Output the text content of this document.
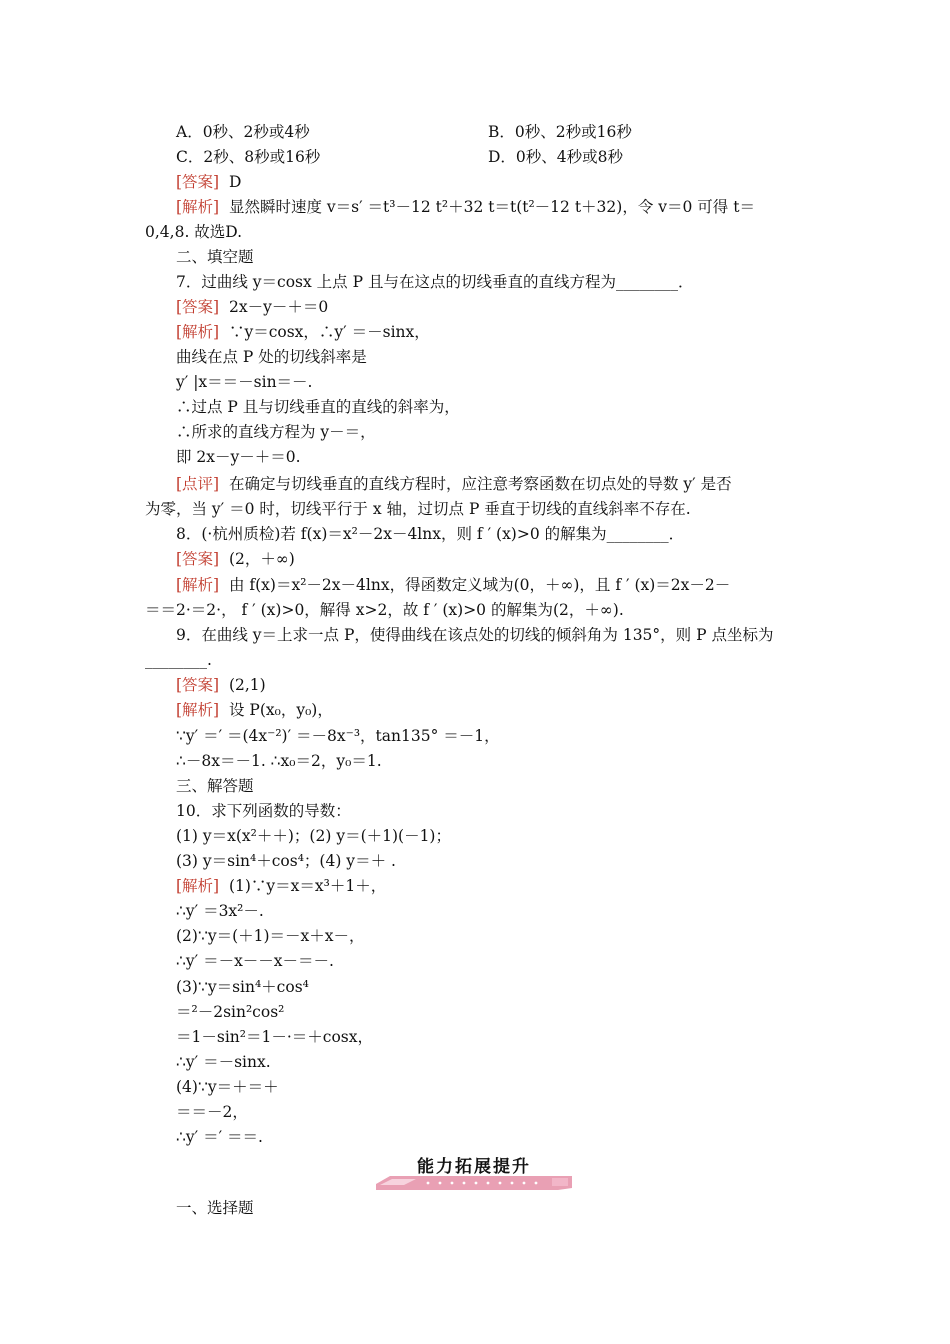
A．0秒、2秒或4秒	B．0秒、2秒或16秒
C．2秒、8秒或16秒	D．0秒、4秒或8秒
[答案]  D
[解析]  显然瞬时速度 v＝s′ ＝t³－12 t²＋32 t＝t(t²－12 t＋32)，令 v＝0 可得 t＝
0,4,8. 故选D.
二、填空题
7．过曲线 y＝cosx 上点 P 且与在这点的切线垂直的直线方程为________．
[答案]  2x－y－＋＝0
[解析]  ∵y＝cosx，∴y′ ＝－sinx，
曲线在点 P 处的切线斜率是
y′ |x＝＝－sin＝－.
∴过点 P 且与切线垂直的直线的斜率为，
∴所求的直线方程为 y－＝，
即 2x－y－＋＝0.
[点评]  在确定与切线垂直的直线方程时，应注意考察函数在切点处的导数 y′ 是否
为零，当 y′ ＝0 时，切线平行于 x 轴，过切点 P 垂直于切线的直线斜率不存在.
8．(·杭州质检)若 f(x)＝x²－2x－4lnx，则 f ′ (x)>0 的解集为________．
[答案]  (2，＋∞)
[解析]  由 f(x)＝x²－2x－4lnx，得函数定义域为(0，＋∞)，且 f ′ (x)＝2x－2－
＝＝2·＝2·， f ′ (x)>0，解得 x>2，故 f ′ (x)>0 的解集为(2，＋∞).
9．在曲线 y＝上求一点 P，使得曲线在该点处的切线的倾斜角为 135°，则 P 点坐标为
________.
[答案]  (2,1)
[解析]  设 P(x₀，y₀)，
∵y′ ＝′ ＝(4x⁻²)′ ＝－8x⁻³，tan135° ＝－1，
∴－8x＝－1. ∴x₀＝2，y₀＝1.
三、解答题
10．求下列函数的导数：
(1) y＝x(x²＋＋)；(2) y＝(＋1)(－1)；
(3) y＝sin⁴＋cos⁴；(4) y＝＋ .
[解析]  (1)∵y＝x＝x³＋1＋，
∴y′ ＝3x²－.
(2)∵y＝(＋1)＝－x＋x－，
∴y′ ＝－x－－x－＝－.
(3)∵y＝sin⁴＋cos⁴
＝²－2sin²cos²
＝1－sin²＝1－·＝＋cosx，
∴y′ ＝－sinx.
(4)∵y＝＋＝＋
＝＝－2，
∴y′ ＝′ ＝＝.
能力拓展提升
一、选择题
